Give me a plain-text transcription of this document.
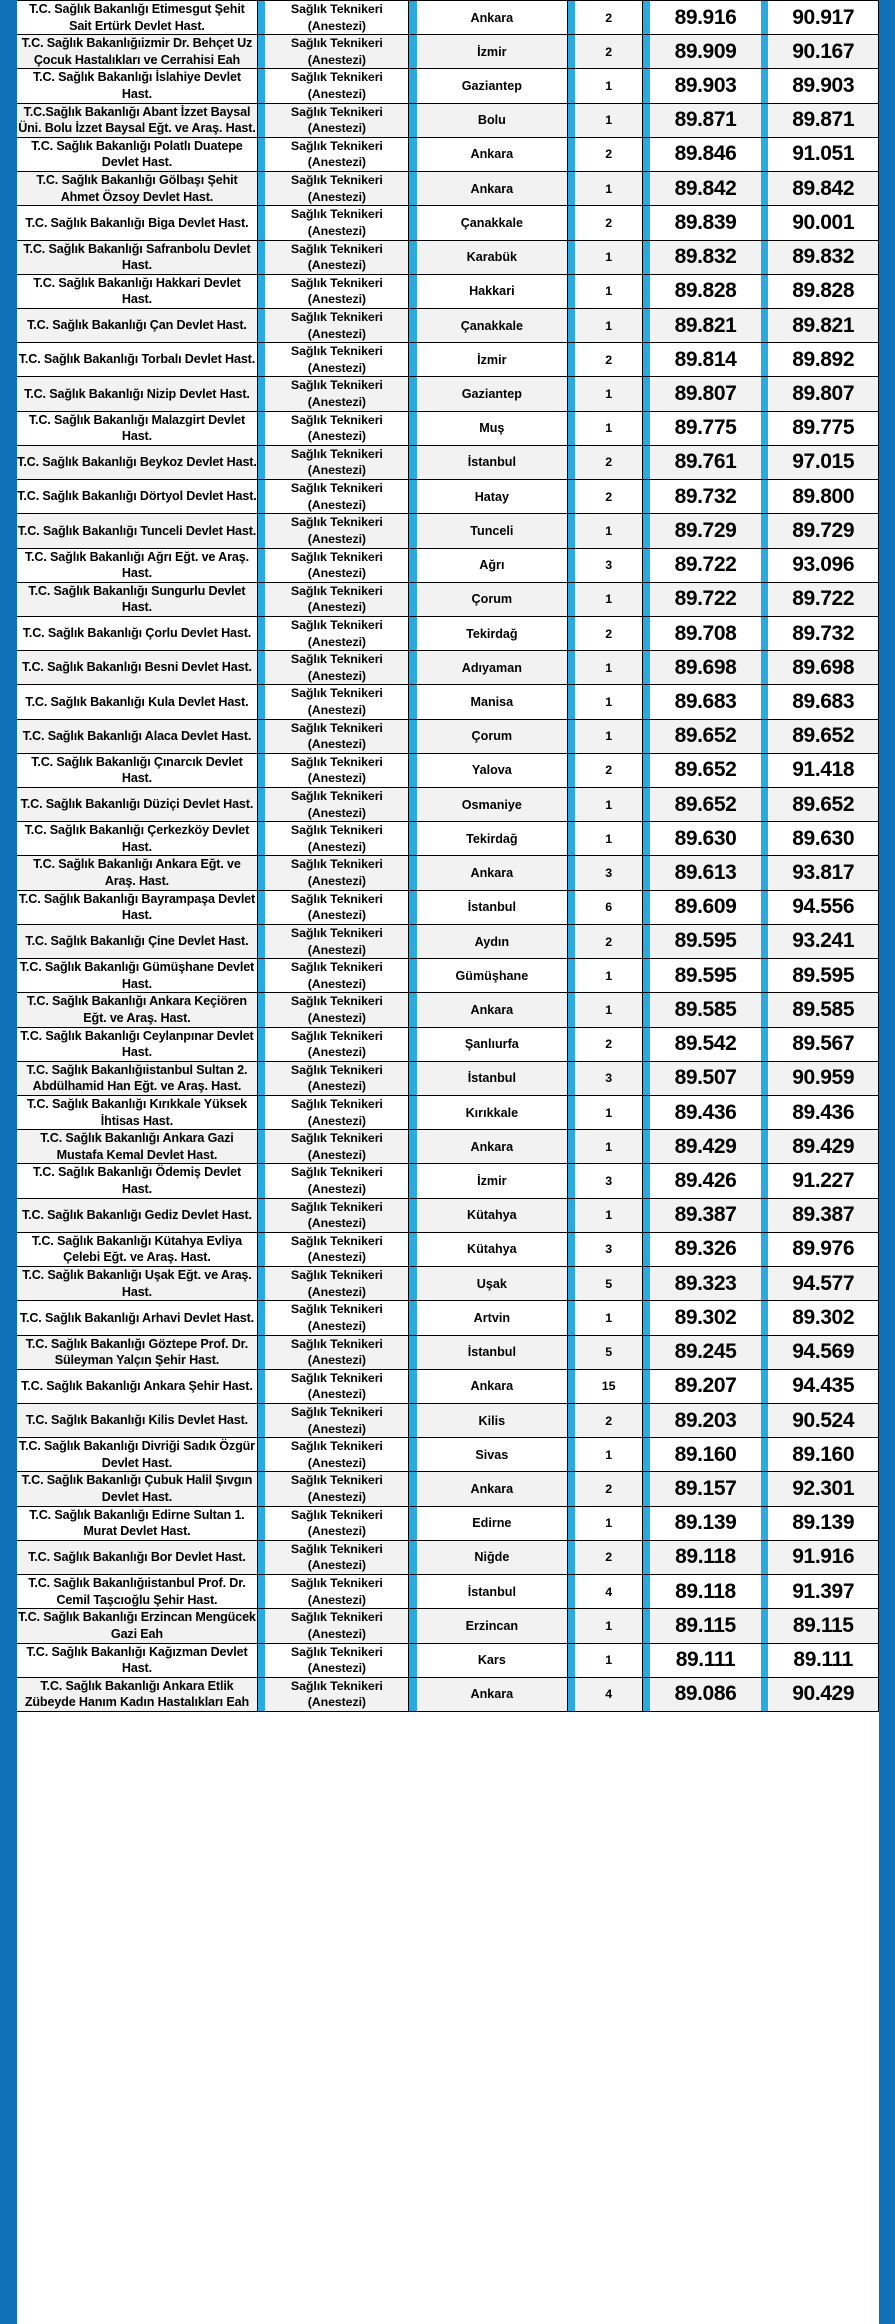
T.C. Sağlık Bakanlığı Etimesgut Şehit Sait Ertürk Devlet Hast.		Sağlık Teknikeri (Anestezi)		Ankara		2		89.916		90.917
T.C. Sağlık Bakanlığıizmir Dr. Behçet Uz Çocuk Hastalıkları ve Cerrahisi Eah		Sağlık Teknikeri (Anestezi)		İzmir		2		89.909		90.167
T.C. Sağlık Bakanlığı İslahiye Devlet Hast.		Sağlık Teknikeri (Anestezi)		Gaziantep		1		89.903		89.903
T.C.Sağlık Bakanlığı Abant İzzet Baysal Üni. Bolu İzzet Baysal Eğt. ve Araş. Hast.		Sağlık Teknikeri (Anestezi)		Bolu		1		89.871		89.871
T.C. Sağlık Bakanlığı Polatlı Duatepe Devlet Hast.		Sağlık Teknikeri (Anestezi)		Ankara		2		89.846		91.051
T.C. Sağlık Bakanlığı Gölbaşı Şehit Ahmet Özsoy Devlet Hast.		Sağlık Teknikeri (Anestezi)		Ankara		1		89.842		89.842
T.C. Sağlık Bakanlığı Biga Devlet Hast.		Sağlık Teknikeri (Anestezi)		Çanakkale		2		89.839		90.001
T.C. Sağlık Bakanlığı Safranbolu Devlet Hast.		Sağlık Teknikeri (Anestezi)		Karabük		1		89.832		89.832
T.C. Sağlık Bakanlığı Hakkari Devlet Hast.		Sağlık Teknikeri (Anestezi)		Hakkari		1		89.828		89.828
T.C. Sağlık Bakanlığı Çan Devlet Hast.		Sağlık Teknikeri (Anestezi)		Çanakkale		1		89.821		89.821
T.C. Sağlık Bakanlığı Torbalı Devlet Hast.		Sağlık Teknikeri (Anestezi)		İzmir		2		89.814		89.892
T.C. Sağlık Bakanlığı Nizip Devlet Hast.		Sağlık Teknikeri (Anestezi)		Gaziantep		1		89.807		89.807
T.C. Sağlık Bakanlığı Malazgirt Devlet Hast.		Sağlık Teknikeri (Anestezi)		Muş		1		89.775		89.775
T.C. Sağlık Bakanlığı Beykoz Devlet Hast.		Sağlık Teknikeri (Anestezi)		İstanbul		2		89.761		97.015
T.C. Sağlık Bakanlığı Dörtyol Devlet Hast.		Sağlık Teknikeri (Anestezi)		Hatay		2		89.732		89.800
T.C. Sağlık Bakanlığı Tunceli Devlet Hast.		Sağlık Teknikeri (Anestezi)		Tunceli		1		89.729		89.729
T.C. Sağlık Bakanlığı Ağrı Eğt. ve Araş. Hast.		Sağlık Teknikeri (Anestezi)		Ağrı		3		89.722		93.096
T.C. Sağlık Bakanlığı Sungurlu Devlet Hast.		Sağlık Teknikeri (Anestezi)		Çorum		1		89.722		89.722
T.C. Sağlık Bakanlığı Çorlu Devlet Hast.		Sağlık Teknikeri (Anestezi)		Tekirdağ		2		89.708		89.732
T.C. Sağlık Bakanlığı Besni Devlet Hast.		Sağlık Teknikeri (Anestezi)		Adıyaman		1		89.698		89.698
T.C. Sağlık Bakanlığı Kula Devlet Hast.		Sağlık Teknikeri (Anestezi)		Manisa		1		89.683		89.683
T.C. Sağlık Bakanlığı Alaca Devlet Hast.		Sağlık Teknikeri (Anestezi)		Çorum		1		89.652		89.652
T.C. Sağlık Bakanlığı Çınarcık Devlet Hast.		Sağlık Teknikeri (Anestezi)		Yalova		2		89.652		91.418
T.C. Sağlık Bakanlığı Düziçi Devlet Hast.		Sağlık Teknikeri (Anestezi)		Osmaniye		1		89.652		89.652
T.C. Sağlık Bakanlığı Çerkezköy Devlet Hast.		Sağlık Teknikeri (Anestezi)		Tekirdağ		1		89.630		89.630
T.C. Sağlık Bakanlığı Ankara Eğt. ve Araş. Hast.		Sağlık Teknikeri (Anestezi)		Ankara		3		89.613		93.817
T.C. Sağlık Bakanlığı Bayrampaşa Devlet Hast.		Sağlık Teknikeri (Anestezi)		İstanbul		6		89.609		94.556
T.C. Sağlık Bakanlığı Çine Devlet Hast.		Sağlık Teknikeri (Anestezi)		Aydın		2		89.595		93.241
T.C. Sağlık Bakanlığı Gümüşhane Devlet Hast.		Sağlık Teknikeri (Anestezi)		Gümüşhane		1		89.595		89.595
T.C. Sağlık Bakanlığı Ankara Keçiören Eğt. ve Araş. Hast.		Sağlık Teknikeri (Anestezi)		Ankara		1		89.585		89.585
T.C. Sağlık Bakanlığı Ceylanpınar Devlet Hast.		Sağlık Teknikeri (Anestezi)		Şanlıurfa		2		89.542		89.567
T.C. Sağlık Bakanlığıistanbul Sultan 2. Abdülhamid Han Eğt. ve Araş. Hast.		Sağlık Teknikeri (Anestezi)		İstanbul		3		89.507		90.959
T.C. Sağlık Bakanlığı Kırıkkale Yüksek İhtisas Hast.		Sağlık Teknikeri (Anestezi)		Kırıkkale		1		89.436		89.436
T.C. Sağlık Bakanlığı Ankara Gazi Mustafa Kemal Devlet Hast.		Sağlık Teknikeri (Anestezi)		Ankara		1		89.429		89.429
T.C. Sağlık Bakanlığı Ödemiş Devlet Hast.		Sağlık Teknikeri (Anestezi)		İzmir		3		89.426		91.227
T.C. Sağlık Bakanlığı Gediz Devlet Hast.		Sağlık Teknikeri (Anestezi)		Kütahya		1		89.387		89.387
T.C. Sağlık Bakanlığı Kütahya Evliya Çelebi Eğt. ve Araş. Hast.		Sağlık Teknikeri (Anestezi)		Kütahya		3		89.326		89.976
T.C. Sağlık Bakanlığı Uşak Eğt. ve Araş. Hast.		Sağlık Teknikeri (Anestezi)		Uşak		5		89.323		94.577
T.C. Sağlık Bakanlığı Arhavi Devlet Hast.		Sağlık Teknikeri (Anestezi)		Artvin		1		89.302		89.302
T.C. Sağlık Bakanlığı Göztepe Prof. Dr. Süleyman Yalçın Şehir Hast.		Sağlık Teknikeri (Anestezi)		İstanbul		5		89.245		94.569
T.C. Sağlık Bakanlığı Ankara Şehir Hast.		Sağlık Teknikeri (Anestezi)		Ankara		15		89.207		94.435
T.C. Sağlık Bakanlığı Kilis Devlet Hast.		Sağlık Teknikeri (Anestezi)		Kilis		2		89.203		90.524
T.C. Sağlık Bakanlığı Divriği Sadık Özgür Devlet Hast.		Sağlık Teknikeri (Anestezi)		Sivas		1		89.160		89.160
T.C. Sağlık Bakanlığı Çubuk Halil Şıvgın Devlet Hast.		Sağlık Teknikeri (Anestezi)		Ankara		2		89.157		92.301
T.C. Sağlık Bakanlığı Edirne Sultan 1. Murat Devlet Hast.		Sağlık Teknikeri (Anestezi)		Edirne		1		89.139		89.139
T.C. Sağlık Bakanlığı Bor Devlet Hast.		Sağlık Teknikeri (Anestezi)		Niğde		2		89.118		91.916
T.C. Sağlık Bakanlığıistanbul Prof. Dr. Cemil Taşcıoğlu Şehir Hast.		Sağlık Teknikeri (Anestezi)		İstanbul		4		89.118		91.397
T.C. Sağlık Bakanlığı Erzincan Mengücek Gazi Eah		Sağlık Teknikeri (Anestezi)		Erzincan		1		89.115		89.115
T.C. Sağlık Bakanlığı Kağızman Devlet Hast.		Sağlık Teknikeri (Anestezi)		Kars		1		89.111		89.111
T.C. Sağlık Bakanlığı Ankara Etlik Zübeyde Hanım Kadın Hastalıkları Eah		Sağlık Teknikeri (Anestezi)		Ankara		4		89.086		90.429
